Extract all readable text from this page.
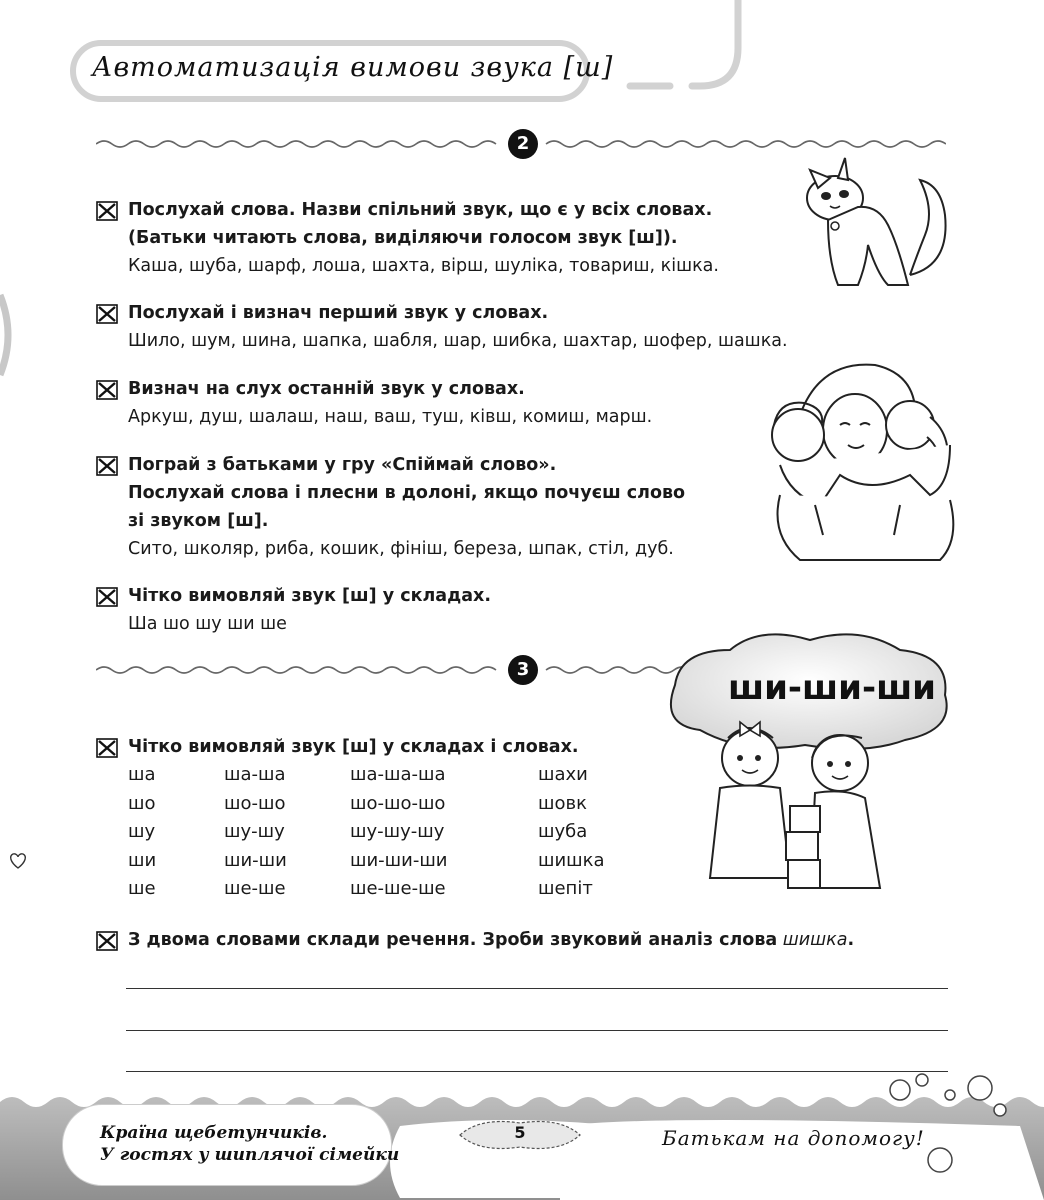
Автоматизація вимови звука [ш]
2
Послухай слова. Назви спільний звук, що є у всіх словах.
(Батьки читають слова, виділяючи голосом звук [ш]).
Каша, шуба, шарф, лоша, шахта, вірш, шуліка, товариш, кішка.
Послухай і визнач перший звук у словах.
Шило, шум, шина, шапка, шабля, шар, шибка, шахтар, шофер, шашка.
Визнач на слух останній звук у словах.
Аркуш, душ, шалаш, наш, ваш, туш, ківш, комиш, марш.
Пограй з батьками у гру «Спіймай слово».
Послухай слова і плесни в долоні, якщо почуєш слово
зі звуком [ш].
Сито, школяр, риба, кошик, фініш, береза, шпак, стіл, дуб.
Чітко вимовляй звук [ш] у складах.
Ша шо шу ши ше
3	ши-ши-ши
Чітко вимовляй звук [ш] у складах і словах.
ша	ша-ша	ша-ша-ша	шахи
шо	шо-шо	шо-шо-шо	шовк
шу	шу-шу	шу-шу-шу	шуба
ши	ши-ши	ши-ши-ши	шишка
ше	ше-ше	ше-ше-ше	шепіт
З двома словами склади речення. Зроби звуковий аналіз слова шишка.
Країна щебетунчиків.
У гостях у шиплячої сімейки
5	Батькам на допомогу!
